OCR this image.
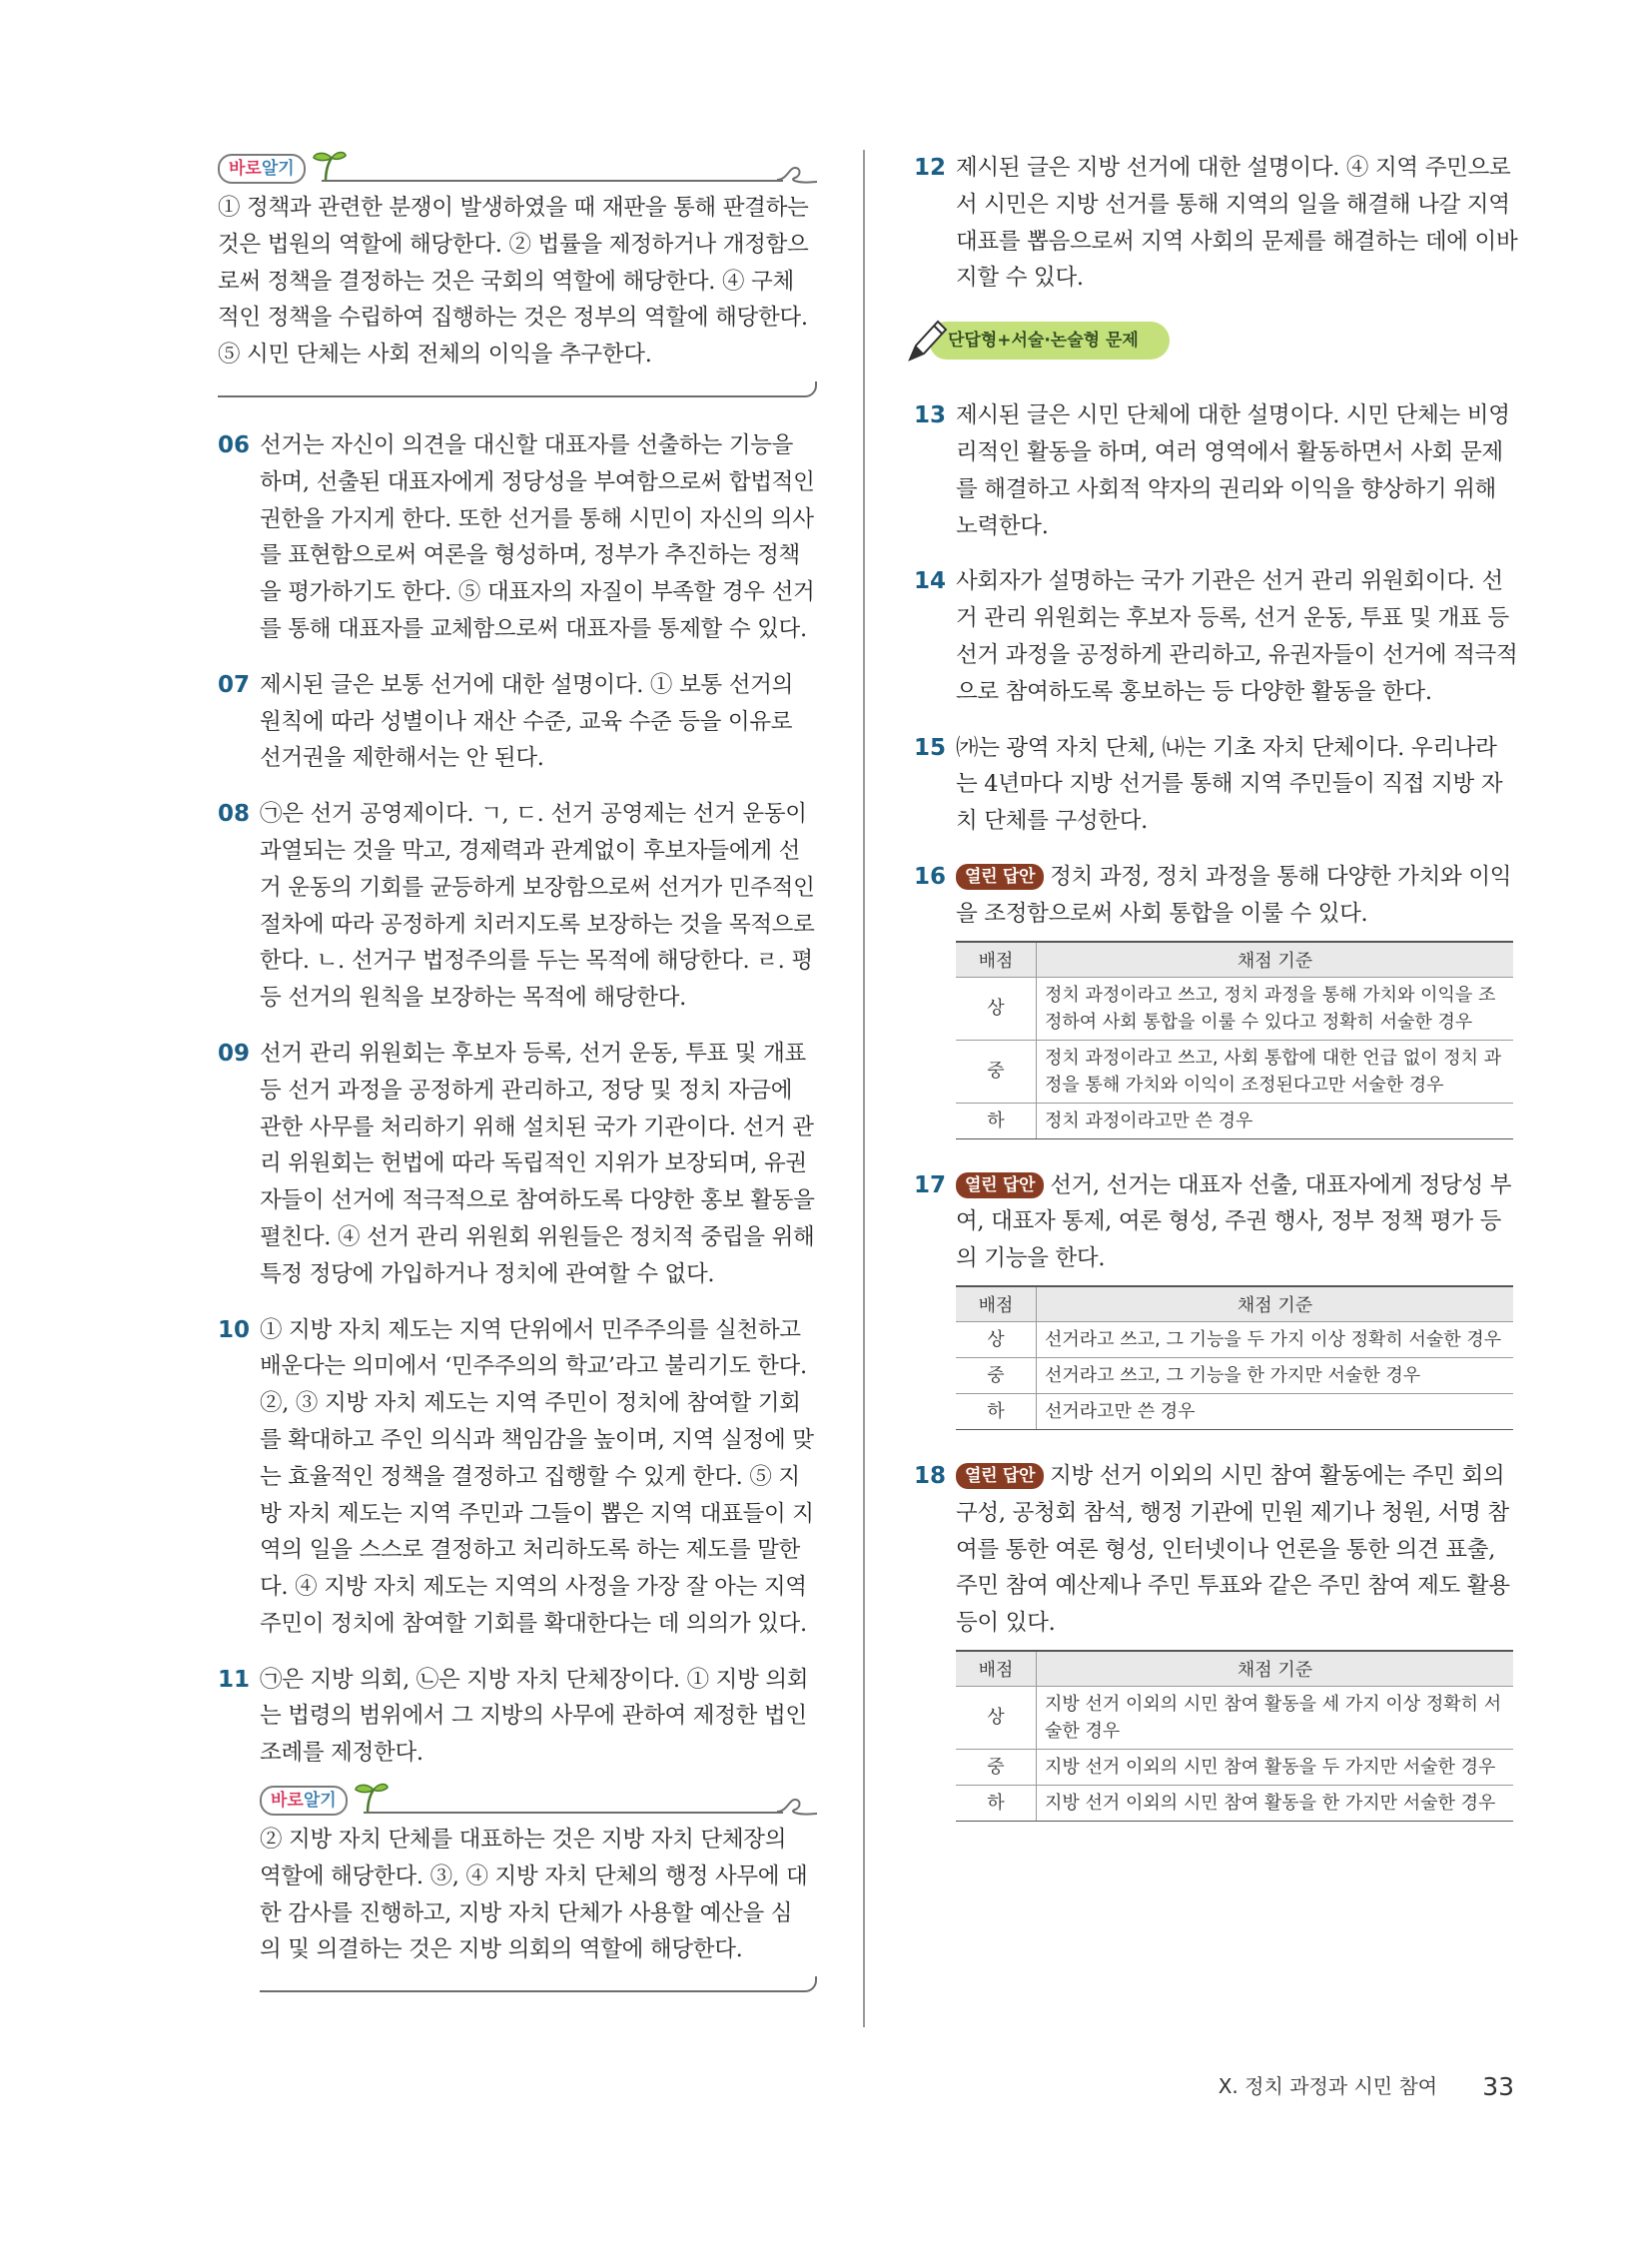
바로알기

① 정책과 관련한 분쟁이 발생하였을 때 재판을 통해 판결하는 것은 법원의 역할에 해당한다. ② 법률을 제정하거나 개정함으로써 정책을 결정하는 것은 국회의 역할에 해당한다. ④ 구체적인 정책을 수립하여 집행하는 것은 정부의 역할에 해당한다. ⑤ 시민 단체는 사회 전체의 이익을 추구한다.

06 선거는 자신이 의견을 대신할 대표자를 선출하는 기능을 하며, 선출된 대표자에게 정당성을 부여함으로써 합법적인 권한을 가지게 한다. 또한 선거를 통해 시민이 자신의 의사를 표현함으로써 여론을 형성하며, 정부가 추진하는 정책을 평가하기도 한다. ⑤ 대표자의 자질이 부족할 경우 선거를 통해 대표자를 교체함으로써 대표자를 통제할 수 있다.

07 제시된 글은 보통 선거에 대한 설명이다. ① 보통 선거의 원칙에 따라 성별이나 재산 수준, 교육 수준 등을 이유로 선거권을 제한해서는 안 된다.

08 ㉠은 선거 공영제이다. ㄱ, ㄷ. 선거 공영제는 선거 운동이 과열되는 것을 막고, 경제력과 관계없이 후보자들에게 선거 운동의 기회를 균등하게 보장함으로써 선거가 민주적인 절차에 따라 공정하게 치러지도록 보장하는 것을 목적으로 한다. ㄴ. 선거구 법정주의를 두는 목적에 해당한다. ㄹ. 평등 선거의 원칙을 보장하는 목적에 해당한다.

09 선거 관리 위원회는 후보자 등록, 선거 운동, 투표 및 개표 등 선거 과정을 공정하게 관리하고, 정당 및 정치 자금에 관한 사무를 처리하기 위해 설치된 국가 기관이다. 선거 관리 위원회는 헌법에 따라 독립적인 지위가 보장되며, 유권자들이 선거에 적극적으로 참여하도록 다양한 홍보 활동을 펼친다. ④ 선거 관리 위원회 위원들은 정치적 중립을 위해 특정 정당에 가입하거나 정치에 관여할 수 없다.

10 ① 지방 자치 제도는 지역 단위에서 민주주의를 실천하고 배운다는 의미에서 ‘민주주의의 학교’라고 불리기도 한다. ②, ③ 지방 자치 제도는 지역 주민이 정치에 참여할 기회를 확대하고 주인 의식과 책임감을 높이며, 지역 실정에 맞는 효율적인 정책을 결정하고 집행할 수 있게 한다. ⑤ 지방 자치 제도는 지역 주민과 그들이 뽑은 지역 대표들이 지역의 일을 스스로 결정하고 처리하도록 하는 제도를 말한다. ④ 지방 자치 제도는 지역의 사정을 가장 잘 아는 지역 주민이 정치에 참여할 기회를 확대한다는 데 의의가 있다.

11 ㉠은 지방 의회, ㉡은 지방 자치 단체장이다. ① 지방 의회는 법령의 범위에서 그 지방의 사무에 관하여 제정한 법인 조례를 제정한다.

바로알기

② 지방 자치 단체를 대표하는 것은 지방 자치 단체장의 역할에 해당한다. ③, ④ 지방 자치 단체의 행정 사무에 대한 감사를 진행하고, 지방 자치 단체가 사용할 예산을 심의 및 의결하는 것은 지방 의회의 역할에 해당한다.

12 제시된 글은 지방 선거에 대한 설명이다. ④ 지역 주민으로서 시민은 지방 선거를 통해 지역의 일을 해결해 나갈 지역 대표를 뽑음으로써 지역 사회의 문제를 해결하는 데에 이바지할 수 있다.

단답형+서술·논술형 문제
13 제시된 글은 시민 단체에 대한 설명이다. 시민 단체는 비영리적인 활동을 하며, 여러 영역에서 활동하면서 사회 문제를 해결하고 사회적 약자의 권리와 이익을 향상하기 위해 노력한다.

14 사회자가 설명하는 국가 기관은 선거 관리 위원회이다. 선거 관리 위원회는 후보자 등록, 선거 운동, 투표 및 개표 등 선거 과정을 공정하게 관리하고, 유권자들이 선거에 적극적으로 참여하도록 홍보하는 등 다양한 활동을 한다.

15 ㈎는 광역 자치 단체, ㈏는 기초 자치 단체이다. 우리나라는 4년마다 지방 선거를 통해 지역 주민들이 직접 지방 자치 단체를 구성한다.

16	열린 답안 정치 과정, 정치 과정을 통해 다양한 가치와 이익을 조정함으로써 사회 통합을 이룰 수 있다.

배점	채점 기준
상	정치 과정이라고 쓰고, 정치 과정을 통해 가치와 이익을 조정하여 사회 통합을 이룰 수 있다고 정확히 서술한 경우
중	정치 과정이라고 쓰고, 사회 통합에 대한 언급 없이 정치 과정을 통해 가치와 이익이 조정된다고만 서술한 경우
하	정치 과정이라고만 쓴 경우
17	열린 답안 선거, 선거는 대표자 선출, 대표자에게 정당성 부여, 대표자 통제, 여론 형성, 주권 행사, 정부 정책 평가 등의 기능을 한다.

배점	채점 기준
상	선거라고 쓰고, 그 기능을 두 가지 이상 정확히 서술한 경우
중	선거라고 쓰고, 그 기능을 한 가지만 서술한 경우
하	선거라고만 쓴 경우
18	열린 답안 지방 선거 이외의 시민 참여 활동에는 주민 회의 구성, 공청회 참석, 행정 기관에 민원 제기나 청원, 서명 참여를 통한 여론 형성, 인터넷이나 언론을 통한 의견 표출, 주민 참여 예산제나 주민 투표와 같은 주민 참여 제도 활용 등이 있다.

배점	채점 기준
상	지방 선거 이외의 시민 참여 활동을 세 가지 이상 정확히 서술한 경우
중	지방 선거 이외의 시민 참여 활동을 두 가지만 서술한 경우
하	지방 선거 이외의 시민 참여 활동을 한 가지만 서술한 경우
Ⅹ. 정치 과정과 시민 참여 33
